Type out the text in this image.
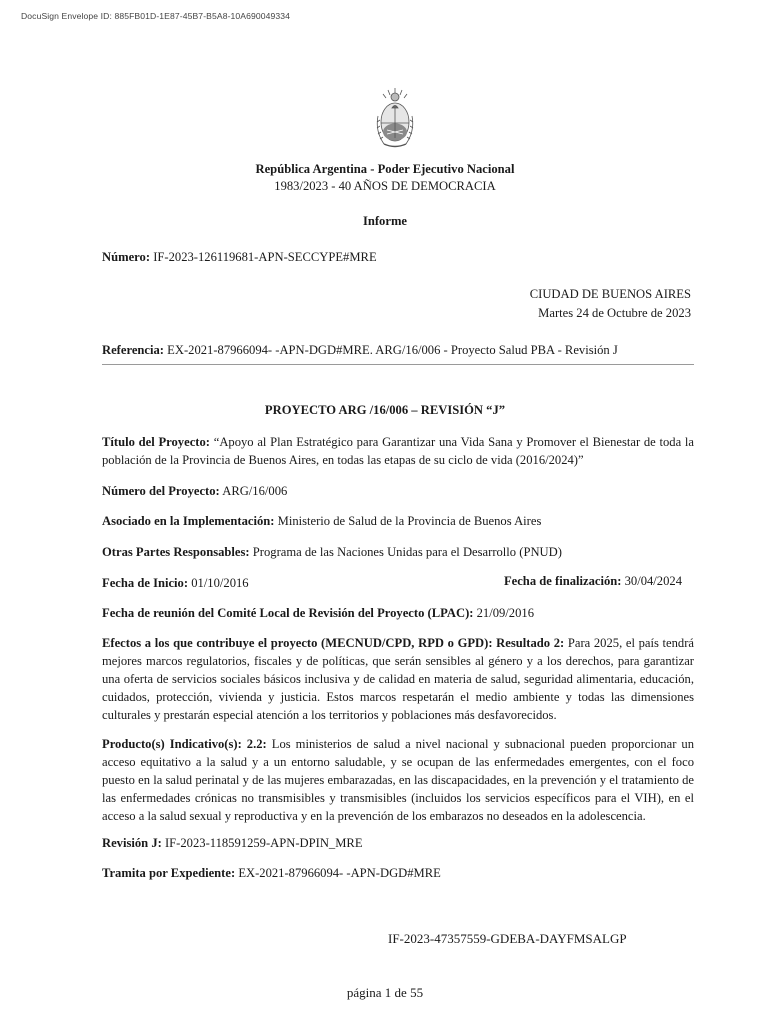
DocuSign Envelope ID: 885FB01D-1E87-45B7-B5A8-10A690049334
República Argentina - Poder Ejecutivo Nacional
1983/2023 - 40 AÑOS DE DEMOCRACIA
Informe
Número: IF-2023-126119681-APN-SECCYPE#MRE
CIUDAD DE BUENOS AIRES
Martes 24 de Octubre de 2023
Referencia: EX-2021-87966094- -APN-DGD#MRE. ARG/16/006 - Proyecto Salud PBA - Revisión J
PROYECTO ARG /16/006 – REVISIÓN “J”
Título del Proyecto: “Apoyo al Plan Estratégico para Garantizar una Vida Sana y Promover el Bienestar de toda la población de la Provincia de Buenos Aires, en todas las etapas de su ciclo de vida (2016/2024)”
Número del Proyecto: ARG/16/006
Asociado en la Implementación: Ministerio de Salud de la Provincia de Buenos Aires
Otras Partes Responsables: Programa de las Naciones Unidas para el Desarrollo (PNUD)
Fecha de Inicio: 01/10/2016	Fecha de finalización: 30/04/2024
Fecha de reunión del Comité Local de Revisión del Proyecto (LPAC): 21/09/2016
Efectos a los que contribuye el proyecto (MECNUD/CPD, RPD o GPD): Resultado 2: Para 2025, el país tendrá mejores marcos regulatorios, fiscales y de políticas, que serán sensibles al género y a los derechos, para garantizar una oferta de servicios sociales básicos inclusiva y de calidad en materia de salud, seguridad alimentaria, educación, cuidados, protección, vivienda y justicia. Estos marcos respetarán el medio ambiente y todas las dimensiones culturales y prestarán especial atención a los territorios y poblaciones más desfavorecidos.
Producto(s) Indicativo(s): 2.2: Los ministerios de salud a nivel nacional y subnacional pueden proporcionar un acceso equitativo a la salud y a un entorno saludable, y se ocupan de las enfermedades emergentes, con el foco puesto en la salud perinatal y de las mujeres embarazadas, en las discapacidades, en la prevención y el tratamiento de las enfermedades crónicas no transmisibles y transmisibles (incluidos los servicios específicos para el VIH), en el acceso a la salud sexual y reproductiva y en la prevención de los embarazos no deseados en la adolescencia.
Revisión J: IF-2023-118591259-APN-DPIN_MRE
Tramita por Expediente: EX-2021-87966094- -APN-DGD#MRE
IF-2023-47357559-GDEBA-DAYFMSALGP
página 1 de 55
